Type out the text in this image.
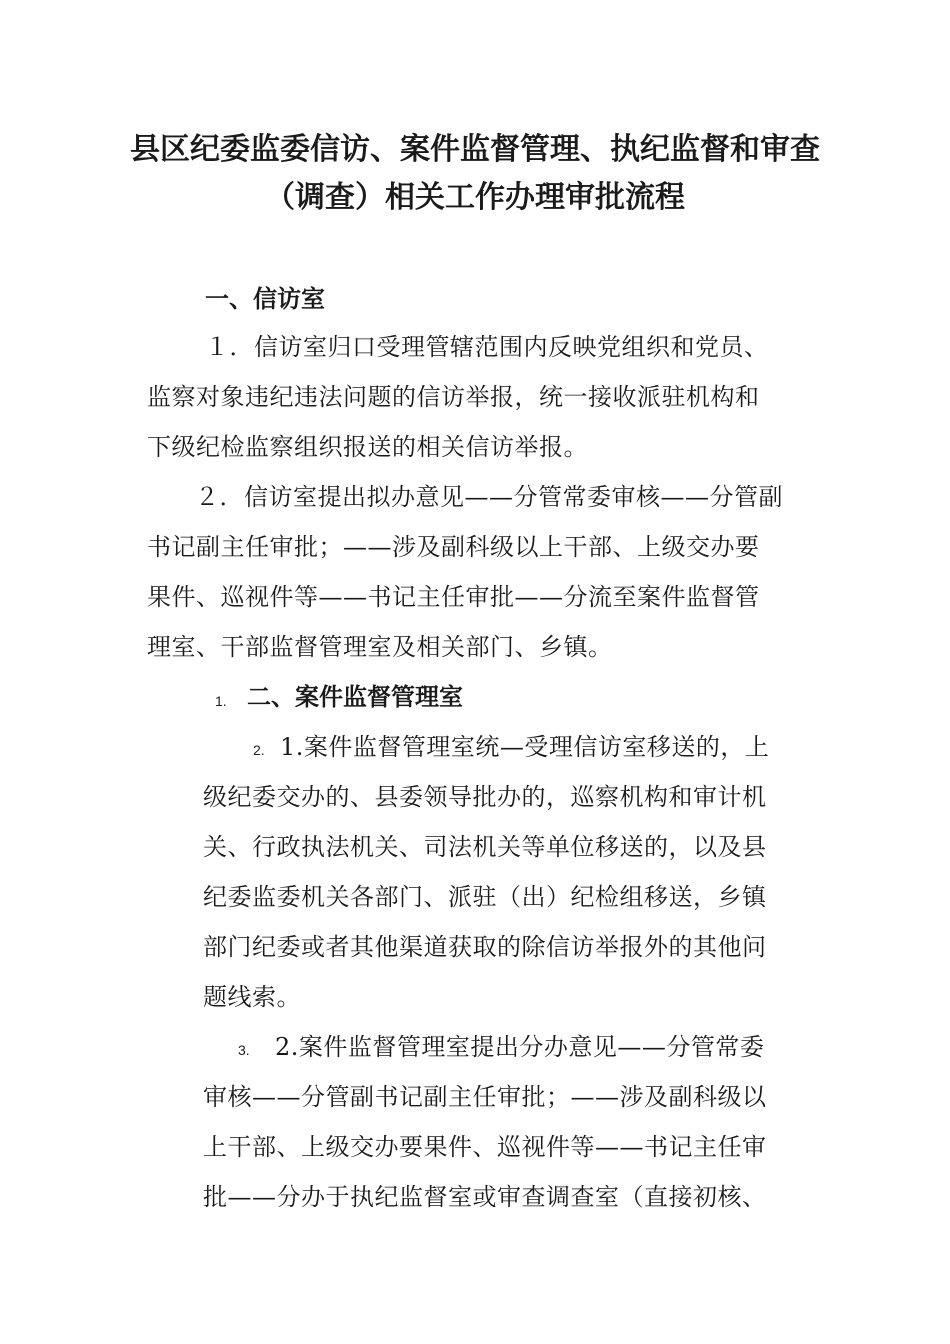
县区纪委监委信访、案件监督管理、执纪监督和审查
（调查）相关工作办理审批流程
一、信访室
１．信访室归口受理管辖范围内反映党组织和党员、
监察对象违纪违法问题的信访举报，统一接收派驻机构和
下级纪检监察组织报送的相关信访举报。
２．信访室提出拟办意见——分管常委审核——分管副
书记副主任审批；——涉及副科级以上干部、上级交办要
果件、巡视件等——书记主任审批——分流至案件监督管
理室、干部监督管理室及相关部门、乡镇。
1. 二、案件监督管理室
2. 1.案件监督管理室统—受理信访室移送的，上
级纪委交办的、县委领导批办的，巡察机构和审计机
关、行政执法机关、司法机关等单位移送的，以及县
纪委监委机关各部门、派驻（出）纪检组移送，乡镇
部门纪委或者其他渠道获取的除信访举报外的其他问
题线索。
3. 2.案件监督管理室提出分办意见——分管常委
审核——分管副书记副主任审批；——涉及副科级以
上干部、上级交办要果件、巡视件等——书记主任审
批——分办于执纪监督室或审查调查室（直接初核、
